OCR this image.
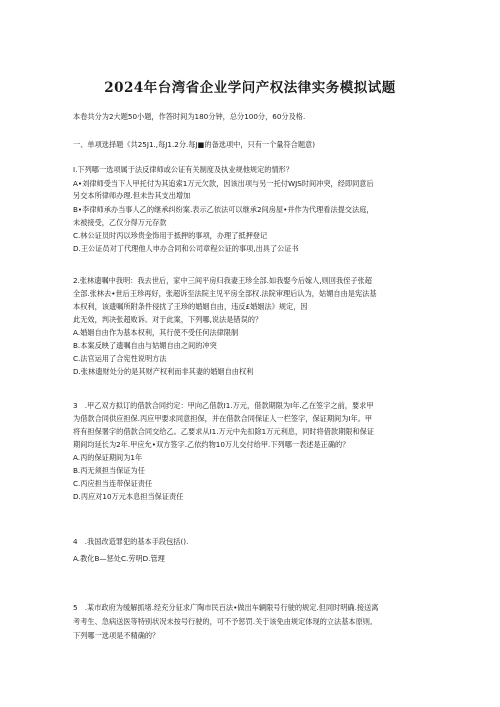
2024年台湾省企业学问产权法律实务模拟试题
本卷共分为2大题50小题，作答时间为180分钟，总分100分，60分及格.
一、单项选择题《共25J1.,每J1.2分.每J■的备选项中，只有一个量符合题意)
I.下列哪一选项属于法反律师或公证有关制度及执业规他规定的情形？
A•刘律师受当下人甲托付为其追索1万元欠款，因该出项与另一托付WJS时间冲突，经即同意后
另交本所律师办理.但未告其支出增加
B•李律师承办当事人乙的继承纠纷案.表示乙依法可以继承2间房屋•并作为代理看法提交法庭，
未被接受，乙仅分得万元存款
C.林公证员时丙以珍贵金饰用于抵押的事项，办理了抵押登记
D.王公证员对丁代理他人申办合同和公司章程公证的事项,出具了公证书
2.张林遗嘱中我明：我去世后，家中三间平房归我妻王珍全部.如我娶今后嫁人,则回我侄子张超
全部.张林去•世后王珍再好，张超诉至法院主见平房全部权.法院审理后认为，姑媚自由是宪法基
本权利，该遗嘱所附条件侵扰了王珍的婚姻自由，违反£婚姻法》规定，因
此无效，判决张超败诉。对于此案，下列哪,说法是错误的？
A.婚姻自由作为基本权利，其行使不受任何法律限制
B.本案反映了遗嘱自由与姑媚自由之间的冲突
C.法官运用了合宪性说明方法
D.张林遗财处分的是其财产权利而非其妻的婚姻自由权利
3　.甲乙双方拟订的借款合同约定：甲向乙借款I1.万元，借款期限为I年.乙在签字之前，要求甲
为借款合同供应担保.丙应甲要求同意担保，并在借款合同保证人一栏签字，保证期间为I年。甲
将有担保署字的借款合同交给乙。乙要求从I1.万元中先扣除1万元利息，同时将借款期限和保证
期间均延长为2年.甲应允•双方签字.乙依约物10万儿交付给甲.下列哪一表述是正确的？
A.丙的保证期间为1年
B.丙无须担当保证为任
C.丙应担当连带保证责任
D.丙应对10万元本息担当保证责任
4　.我国改造罪犯的基本手段包括().
A.教化B—惩处C.劳明D.管理
5　.某市政府为缓解抓堵.经充分征求广陶市民百法•做出车辆限号行驶的规定.但同时明确.接送离
考考生、急病送医等特别状况未按号行驶的，可不予惩罚.关于该免由规定体现的立法基本原则,
下列哪一选项是不精确的？
